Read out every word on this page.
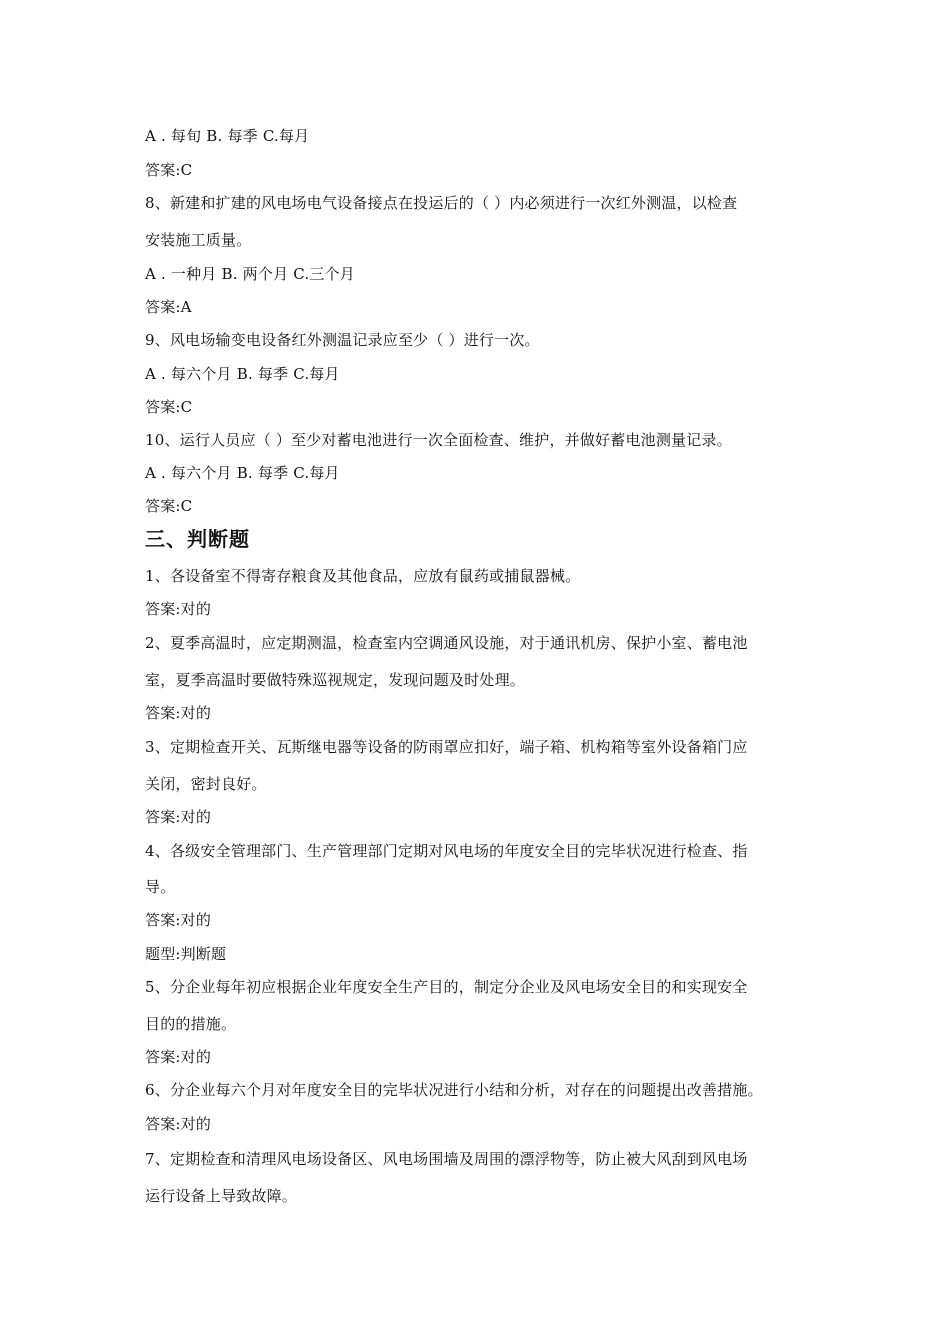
A . 每旬 B. 每季 C.每月
答案:C
8、新建和扩建的风电场电气设备接点在投运后的（ ）内必须进行一次红外测温，以检查
安装施工质量。
A . 一种月 B. 两个月 C.三个月
答案:A
9、风电场输变电设备红外测温记录应至少（ ）进行一次。
A . 每六个月 B. 每季 C.每月
答案:C
10、运行人员应（ ）至少对蓄电池进行一次全面检查、维护，并做好蓄电池测量记录。
A . 每六个月 B. 每季 C.每月
答案:C
三、判断题
1、各设备室不得寄存粮食及其他食品，应放有鼠药或捕鼠器械。
答案:对的
2、夏季高温时，应定期测温，检查室内空调通风设施，对于通讯机房、保护小室、蓄电池
室，夏季高温时要做特殊巡视规定，发现问题及时处理。
答案:对的
3、定期检查开关、瓦斯继电器等设备的防雨罩应扣好，端子箱、机构箱等室外设备箱门应
关闭，密封良好。
答案:对的
4、各级安全管理部门、生产管理部门定期对风电场的年度安全目的完毕状况进行检查、指
导。
答案:对的
题型:判断题
5、分企业每年初应根据企业年度安全生产目的，制定分企业及风电场安全目的和实现安全
目的的措施。
答案:对的
6、分企业每六个月对年度安全目的完毕状况进行小结和分析，对存在的问题提出改善措施。
答案:对的
7、定期检查和清理风电场设备区、风电场围墙及周围的漂浮物等，防止被大风刮到风电场
运行设备上导致故障。
